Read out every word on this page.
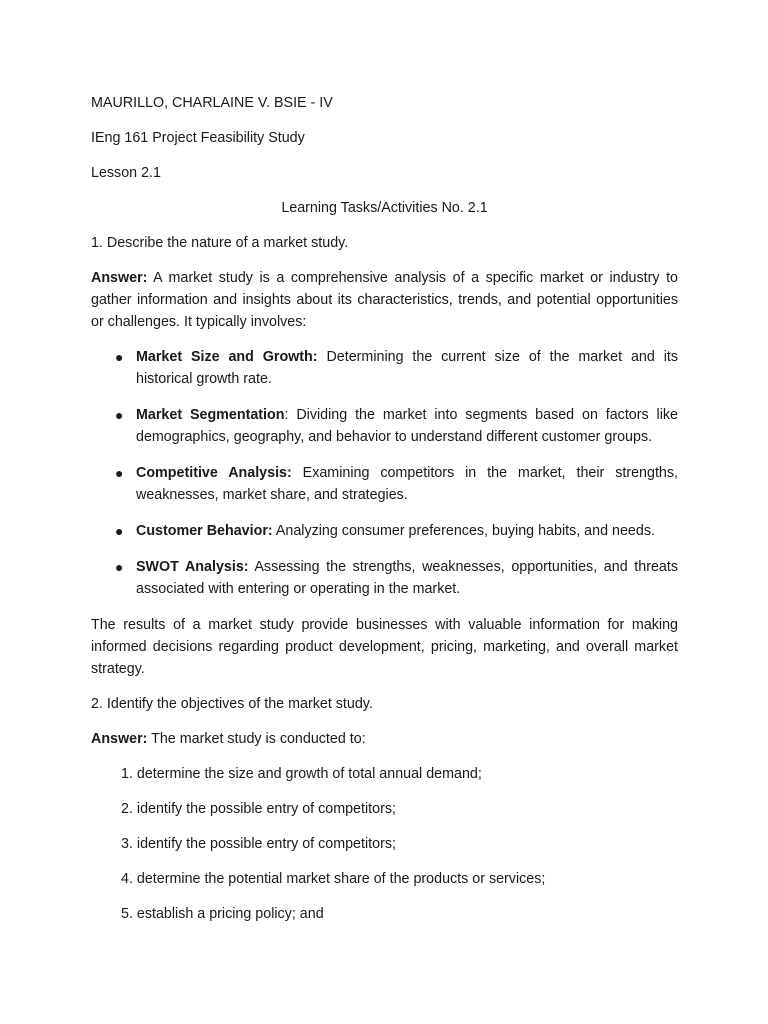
MAURILLO, CHARLAINE V. BSIE - IV
IEng 161 Project Feasibility Study
Lesson 2.1
Learning Tasks/Activities No. 2.1
1. Describe the nature of a market study.
Answer: A market study is a comprehensive analysis of a specific market or industry to gather information and insights about its characteristics, trends, and potential opportunities or challenges. It typically involves:
● Market Size and Growth: Determining the current size of the market and its historical growth rate.
● Market Segmentation: Dividing the market into segments based on factors like demographics, geography, and behavior to understand different customer groups.
● Competitive Analysis: Examining competitors in the market, their strengths, weaknesses, market share, and strategies.
● Customer Behavior: Analyzing consumer preferences, buying habits, and needs.
● SWOT Analysis: Assessing the strengths, weaknesses, opportunities, and threats associated with entering or operating in the market.
The results of a market study provide businesses with valuable information for making informed decisions regarding product development, pricing, marketing, and overall market strategy.
2. Identify the objectives of the market study.
Answer: The market study is conducted to:
1. determine the size and growth of total annual demand;
2. identify the possible entry of competitors;
3. identify the possible entry of competitors;
4. determine the potential market share of the products or services;
5. establish a pricing policy; and
